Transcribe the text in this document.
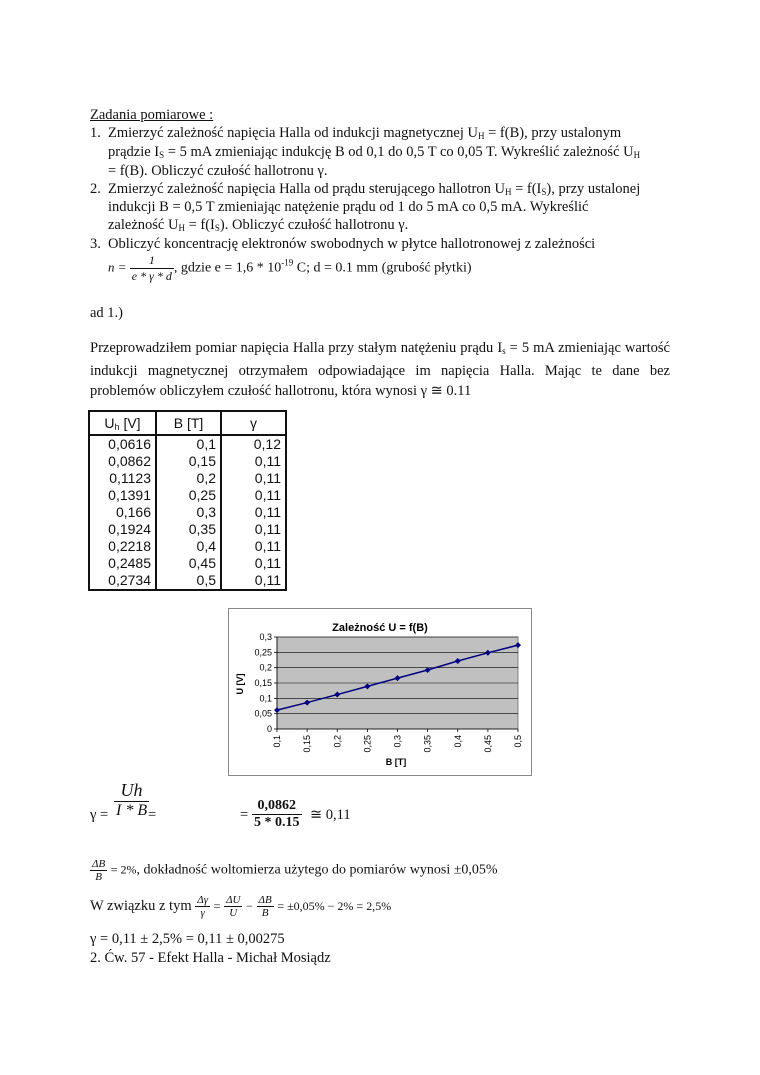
Zadania pomiarowe :
1. Zmierzyć zależność napięcia Halla od indukcji magnetycznej $U_H = f(B)$, przy ustalonym
prądzie $I_S = 5$ mA zmieniając indukcję B od 0,1 do 0,5 T co 0,05 T. Wykreślić zależność $U_H$
= f(B). Obliczyć czułość hallotronu γ.
2. Zmierzyć zależność napięcia Halla od prądu sterującego hallotron $U_H = f(I_S)$, przy ustalonej
indukcji B = 0,5 T zmieniając natężenie prądu od 1 do 5 mA co 0,5 mA. Wykreślić
zależność $U_H = f(I_S)$. Obliczyć czułość hallotronu γ.
3. Obliczyć koncentrację elektronów swobodnych w płytce hallotronowej z zależności
$n = \frac{1}{e * \gamma * d}$ , gdzie $e = 1,6 * 10^{-19}$ C; d = 0.1 mm (grubość płytki)
ad 1.)
Przeprowadziłem pomiar napięcia Halla przy stałym natężeniu prądu $I_s = 5$ mA zmieniając wartość indukcji magnetycznej otrzymałem odpowiadające im napięcia Halla. Mając te dane bez problemów obliczyłem czułość hallotronu, która wynosi γ ≅ 0.11
$U_h$ [V]	B [T]	γ
0,0616	0,1	0,12
0,0862	0,15	0,11
0,1123	0,2	0,11
0,1391	0,25	0,11
0,166	0,3	0,11
0,1924	0,35	0,11
0,2218	0,4	0,11
0,2485	0,45	0,11
0,2734	0,5	0,11
Zależność U = f(B)
0
0,05
0,1
0,15
0,2
0,25
0,3
0,1 0,15 0,2 0,25 0,3 0,35 0,4 0,45 0,5
B [T]
U [V]
$\gamma = \frac{Uh}{I * B}$	= $\frac{0,0862}{5 * 0.15}$ ≅ 0,11
=
$\frac{\Delta B}{B} = 2\%$, dokładność woltomierza użytego do pomiarów wynosi ±0,05%
W związku z tym $\frac{\Delta\gamma}{\gamma} = \frac{\Delta U}{U} - \frac{\Delta B}{B} = \pm 0,05\% - 2\% = 2,5\%$
γ = 0,11 ± 2,5% = 0,11 ± 0,00275
2. Ćw. 57 - Efekt Halla - Michał Mosiądz
